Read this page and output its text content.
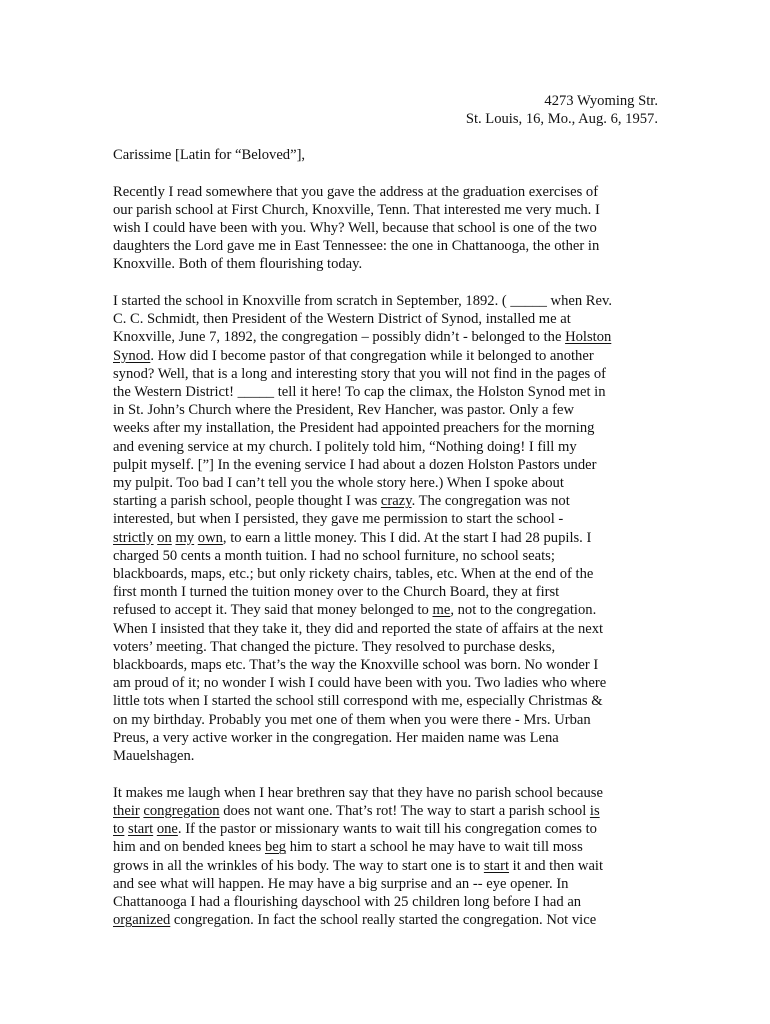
4273 Wyoming Str.
St. Louis, 16, Mo., Aug. 6, 1957.
Carissime [Latin for “Beloved”],

Recently I read somewhere that you gave the address at the graduation exercises of
our parish school at First Church, Knoxville, Tenn. That interested me very much. I
wish I could have been with you. Why? Well, because that school is one of the two
daughters the Lord gave me in East Tennessee: the one in Chattanooga, the other in
Knoxville. Both of them flourishing today.

I started the school in Knoxville from scratch in September, 1892. ( _____ when Rev.
C. C. Schmidt, then President of the Western District of Synod, installed me at
Knoxville, June 7, 1892, the congregation – possibly didn’t - belonged to the Holston
Synod. How did I become pastor of that congregation while it belonged to another
synod? Well, that is a long and interesting story that you will not find in the pages of
the Western District! _____ tell it here! To cap the climax, the Holston Synod met in
in St. John’s Church where the President, Rev Hancher, was pastor. Only a few
weeks after my installation, the President had appointed preachers for the morning
and evening service at my church. I politely told him, “Nothing doing! I fill my
pulpit myself. [”] In the evening service I had about a dozen Holston Pastors under
my pulpit. Too bad I can’t tell you the whole story here.) When I spoke about
starting a parish school, people thought I was crazy. The congregation was not
interested, but when I persisted, they gave me permission to start the school -
strictly on my own, to earn a little money. This I did. At the start I had 28 pupils. I
charged 50 cents a month tuition. I had no school furniture, no school seats;
blackboards, maps, etc.; but only rickety chairs, tables, etc. When at the end of the
first month I turned the tuition money over to the Church Board, they at first
refused to accept it. They said that money belonged to me, not to the congregation.
When I insisted that they take it, they did and reported the state of affairs at the next
voters’ meeting. That changed the picture. They resolved to purchase desks,
blackboards, maps etc. That’s the way the Knoxville school was born. No wonder I
am proud of it; no wonder I wish I could have been with you. Two ladies who where
little tots when I started the school still correspond with me, especially Christmas &
on my birthday. Probably you met one of them when you were there - Mrs. Urban
Preus, a very active worker in the congregation. Her maiden name was Lena
Mauelshagen.

It makes me laugh when I hear brethren say that they have no parish school because
their congregation does not want one. That’s rot! The way to start a parish school is
to start one. If the pastor or missionary wants to wait till his congregation comes to
him and on bended knees beg him to start a school he may have to wait till moss
grows in all the wrinkles of his body. The way to start one is to start it and then wait
and see what will happen. He may have a big surprise and an -- eye opener. In
Chattanooga I had a flourishing dayschool with 25 children long before I had an
organized congregation. In fact the school really started the congregation. Not vice
